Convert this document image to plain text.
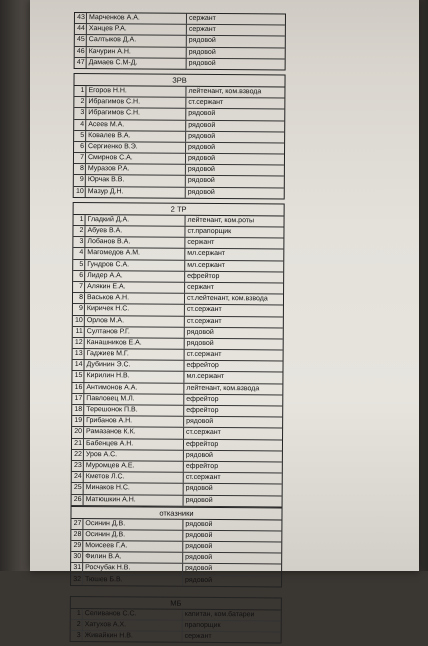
43 Марченков А.А.	сержант
44 Ханцев Р.А.	сержант
45 Салтыков Д.А.	рядовой
46 Качурин А.Н.	рядовой
47 Дамаев С.М-Д.	рядовой
ЗРВ
1 Егоров Н.Н.	лейтенант, ком.взвода
2 Ибрагимов С.Н.	ст.сержант
3 Ибрагимов С.Н.	рядовой
4 Асеев М.А.	рядовой
5 Ковалев В.А.	рядовой
6 Сергиенко В.Э.	рядовой
7 Смирнов С.А.	рядовой
8 Муразов Р.А.	рядовой
9 Юрчак В.В.	рядовой
10 Мазур Д.Н.	рядовой
2 ТР
1 Гладкий Д.А.	лейтенант, ком.роты
2 Абуев В.А.	ст.прапорщик
3 Лобанов В.А.	сержант
4 Магомедов А.М.	мл.сержант
5 Гундров С.А.	мл.сержант
6 Лидер А.А.	ефрейтор
7 Алякин Е.А.	сержант
8 Васьков А.Н.	ст.лейтенант, ком.взвода
9 Киричек Н.С.	ст.сержант
10 Орлов М.А.	ст.сержант
11 Султанов Р.Г.	рядовой
12 Канашников Е.А.	рядовой
13 Гаджиев М.Г.	ст.сержант
14 Дубинин Э.С.	ефрейтор
15 Кирилин Н.В.	мл.сержант
16 Антимонов А.А.	лейтенант, ком.взвода
17 Павловец М.Л.	ефрейтор
18 Терешонок П.В.	ефрейтор
19 Грибанов А.Н.	рядовой
20 Рамазанов К.К.	ст.сержант
21 Бабенцев А.Н.	ефрейтор
22 Уров А.С.	рядовой
23 Муромцев А.Е.	ефрейтор
24 Кметов Л.С.	ст.сержант
25 Минаков Н.С.	рядовой
26 Матюшкин А.Н.	рядовой
отказники
27 Осинин Д.В.	рядовой
28 Осинин Д.В.	рядовой
29 Моисеев Г.А.	рядовой
30 Филин В.А.	рядовой
31 Росчубак Н.В.	рядовой
32 Тюшев Б.В.	рядовой
МБ
1 Селиванов С.С.	капитан, ком.батареи
2 Хатухов А.Х.	прапорщик
3 Живайкин Н.В.	сержант
